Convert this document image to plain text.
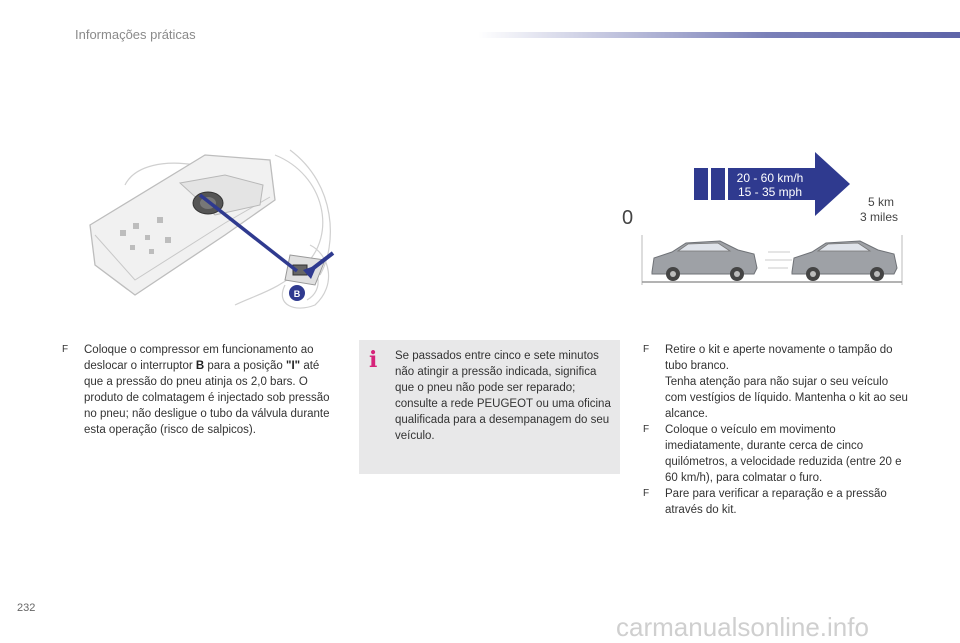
Informações práticas
B
20 - 60 km/h
15 - 35 mph
0
5 km
3 miles
F	Coloque o compressor em funcionamento ao deslocar o interruptor B para a posição "I" até que a pressão do pneu atinja os 2,0 bars. O produto de colmatagem é injectado sob pressão no pneu; não desligue o tubo da válvula durante esta operação (risco de salpicos).
i Se passados entre cinco e sete minutos não atingir a pressão indicada, significa que o pneu não pode ser reparado; consulte a rede PEUGEOT ou uma oficina qualificada para a desempanagem do seu veículo.
F	Retire o kit e aperte novamente o tampão do tubo branco.
Tenha atenção para não sujar o seu veículo com vestígios de líquido. Mantenha o kit ao seu alcance.
F	Coloque o veículo em movimento imediatamente, durante cerca de cinco quilómetros, a velocidade reduzida (entre 20 e 60 km/h), para colmatar o furo.
F	Pare para verificar a reparação e a pressão através do kit.
232
carmanualsonline.info
